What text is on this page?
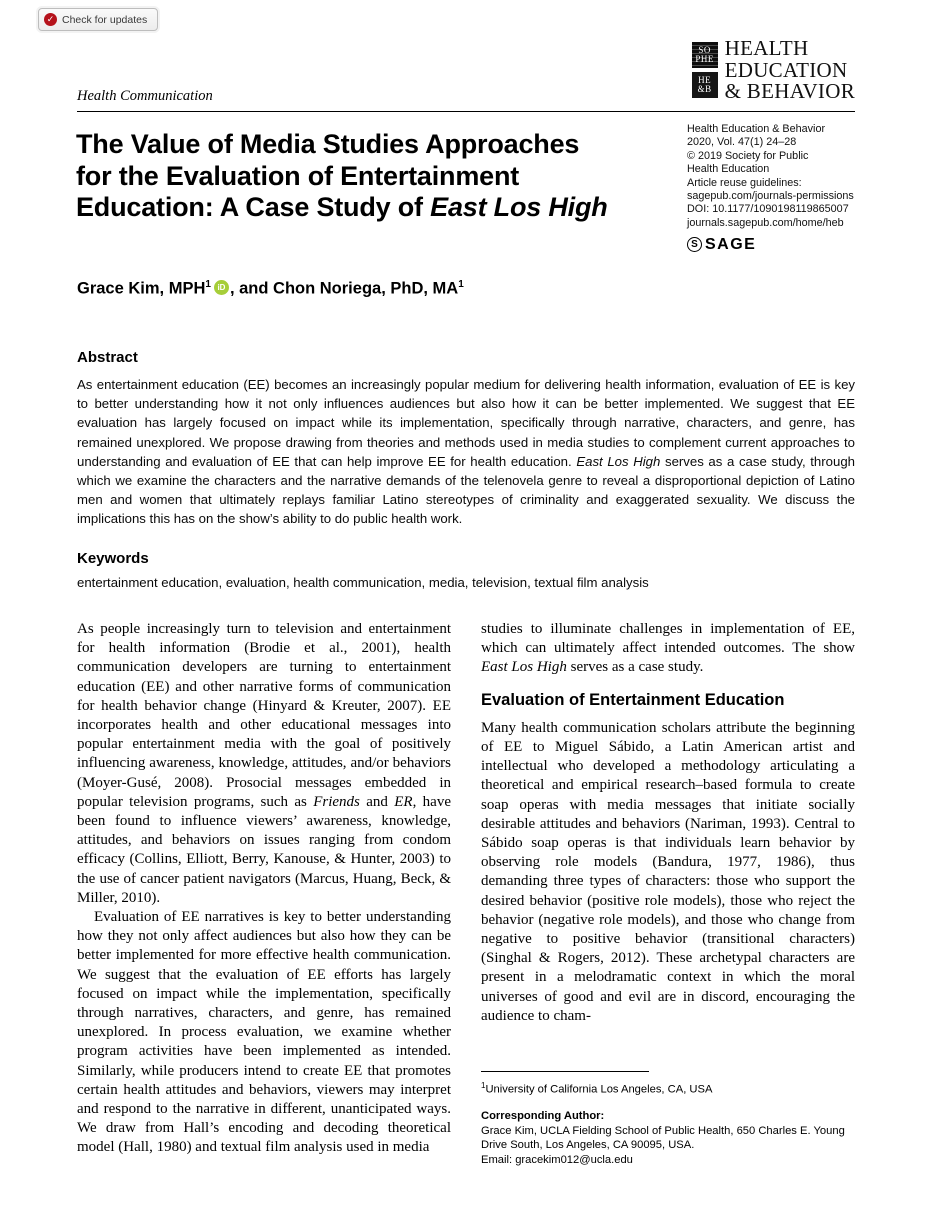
✓ Check for updates
SO
PHE
HE
&B
HEALTH
EDUCATION
& BEHAVIOR
Health Communication
The Value of Media Studies Approaches
for the Evaluation of Entertainment
Education: A Case Study of East Los High
Health Education & Behavior
2020, Vol. 47(1) 24–28
© 2019 Society for Public
Health Education
Article reuse guidelines:
sagepub.com/journals-permissions
DOI: 10.1177/1090198119865007
journals.sagepub.com/home/heb
S SAGE
Grace Kim, MPH$^1$ iD , and Chon Noriega, PhD, $MA^1$
Abstract

As entertainment education (EE) becomes an increasingly popular medium for delivering health information, evaluation of EE is key to better understanding how it not only influences audiences but also how it can be better implemented. We suggest that EE evaluation has largely focused on impact while its implementation, specifically through narrative, characters, and genre, has remained unexplored. We propose drawing from theories and methods used in media studies to complement current approaches to understanding and evaluation of EE that can help improve EE for health education. East Los High serves as a case study, through which we examine the characters and the narrative demands of the telenovela genre to reveal a disproportional depiction of Latino men and women that ultimately replays familiar Latino stereotypes of criminality and exaggerated sexuality. We discuss the implications this has on the show’s ability to do public health work.

Keywords

entertainment education, evaluation, health communication, media, television, textual film analysis

As people increasingly turn to television and entertainment for health information (Brodie et al., 2001), health communication developers are turning to entertainment education (EE) and other narrative forms of communication for health behavior change (Hinyard & Kreuter, 2007). EE incorporates health and other educational messages into popular entertainment media with the goal of positively influencing awareness, knowledge, attitudes, and/or behaviors (Moyer-Gusé, 2008). Prosocial messages embedded in popular television programs, such as Friends and ER, have been found to influence viewers’ awareness, knowledge, attitudes, and behaviors on issues ranging from condom efficacy (Collins, Elliott, Berry, Kanouse, & Hunter, 2003) to the use of cancer patient navigators (Marcus, Huang, Beck, & Miller, 2010).

Evaluation of EE narratives is key to better understanding how they not only affect audiences but also how they can be better implemented for more effective health communication. We suggest that the evaluation of EE efforts has largely focused on impact while the implementation, specifically through narratives, characters, and genre, has remained unexplored. In process evaluation, we examine whether program activities have been implemented as intended. Similarly, while producers intend to create EE that promotes certain health attitudes and behaviors, viewers may interpret and respond to the narrative in different, unanticipated ways. We draw from Hall’s encoding and decoding theoretical model (Hall, 1980) and textual film analysis used in media

studies to illuminate challenges in implementation of EE, which can ultimately affect intended outcomes. The show East Los High serves as a case study.

Evaluation of Entertainment Education

Many health communication scholars attribute the beginning of EE to Miguel Sábido, a Latin American artist and intellectual who developed a methodology articulating a theoretical and empirical research–based formula to create soap operas with media messages that initiate socially desirable attitudes and behaviors (Nariman, 1993). Central to Sábido soap operas is that individuals learn behavior by observing role models (Bandura, 1977, 1986), thus demanding three types of characters: those who support the desired behavior (positive role models), those who reject the behavior (negative role models), and those who change from negative to positive behavior (transitional characters) (Singhal & Rogers, 2012). These archetypal characters are present in a melodramatic context in which the moral universes of good and evil are in discord, encouraging the audience to cham-

$^1$University of California Los Angeles, CA, USA

Corresponding Author:

Grace Kim, UCLA Fielding School of Public Health, 650 Charles E. Young Drive South, Los Angeles, CA 90095, USA.

Email: gracekim012@ucla.edu
